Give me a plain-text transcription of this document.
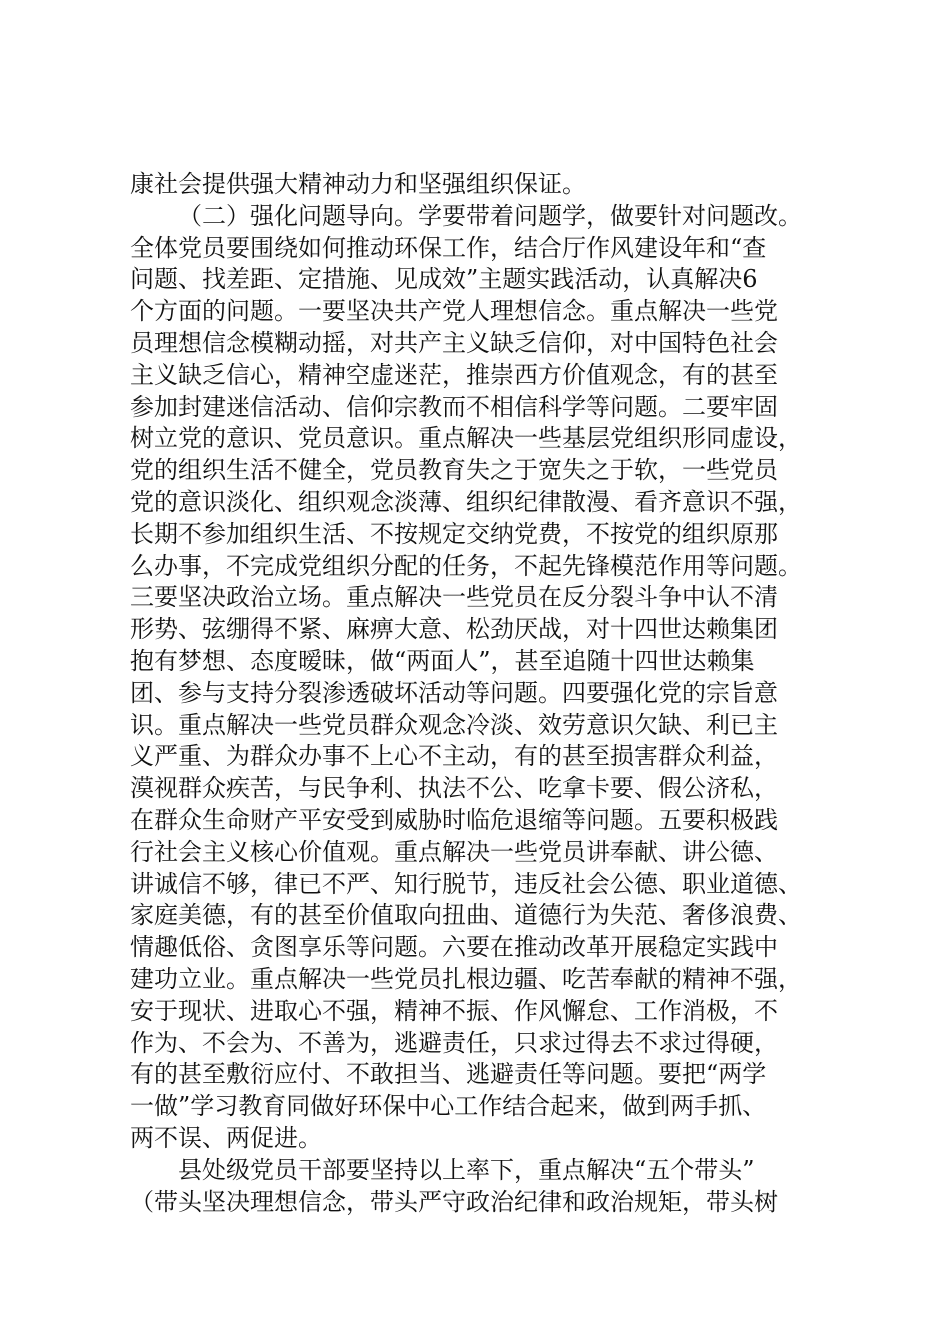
康社会提供强大精神动力和坚强组织保证。
（二）强化问题导向。学要带着问题学，做要针对问题改。
全体党员要围绕如何推动环保工作，结合厅作风建设年和“查
问题、找差距、定措施、见成效”主题实践活动，认真解决6
个方面的问题。一要坚决共产党人理想信念。重点解决一些党
员理想信念模糊动摇，对共产主义缺乏信仰，对中国特色社会
主义缺乏信心，精神空虚迷茫，推崇西方价值观念，有的甚至
参加封建迷信活动、信仰宗教而不相信科学等问题。二要牢固
树立党的意识、党员意识。重点解决一些基层党组织形同虚设，
党的组织生活不健全，党员教育失之于宽失之于软，一些党员
党的意识淡化、组织观念淡薄、组织纪律散漫、看齐意识不强，
长期不参加组织生活、不按规定交纳党费，不按党的组织原那
么办事，不完成党组织分配的任务，不起先锋模范作用等问题。
三要坚决政治立场。重点解决一些党员在反分裂斗争中认不清
形势、弦绷得不紧、麻痹大意、松劲厌战，对十四世达赖集团
抱有梦想、态度暧昧，做“两面人”，甚至追随十四世达赖集
团、参与支持分裂渗透破坏活动等问题。四要强化党的宗旨意
识。重点解决一些党员群众观念冷淡、效劳意识欠缺、利已主
义严重、为群众办事不上心不主动，有的甚至损害群众利益，
漠视群众疾苦，与民争利、执法不公、吃拿卡要、假公济私，
在群众生命财产平安受到威胁时临危退缩等问题。五要积极践
行社会主义核心价值观。重点解决一些党员讲奉献、讲公德、
讲诚信不够，律已不严、知行脱节，违反社会公德、职业道德、
家庭美德，有的甚至价值取向扭曲、道德行为失范、奢侈浪费、
情趣低俗、贪图享乐等问题。六要在推动改革开展稳定实践中
建功立业。重点解决一些党员扎根边疆、吃苦奉献的精神不强，
安于现状、进取心不强，精神不振、作风懈怠、工作消极，不
作为、不会为、不善为，逃避责任，只求过得去不求过得硬，
有的甚至敷衍应付、不敢担当、逃避责任等问题。要把“两学
一做”学习教育同做好环保中心工作结合起来，做到两手抓、
两不误、两促进。
县处级党员干部要坚持以上率下，重点解决“五个带头”
（带头坚决理想信念，带头严守政治纪律和政治规矩，带头树
